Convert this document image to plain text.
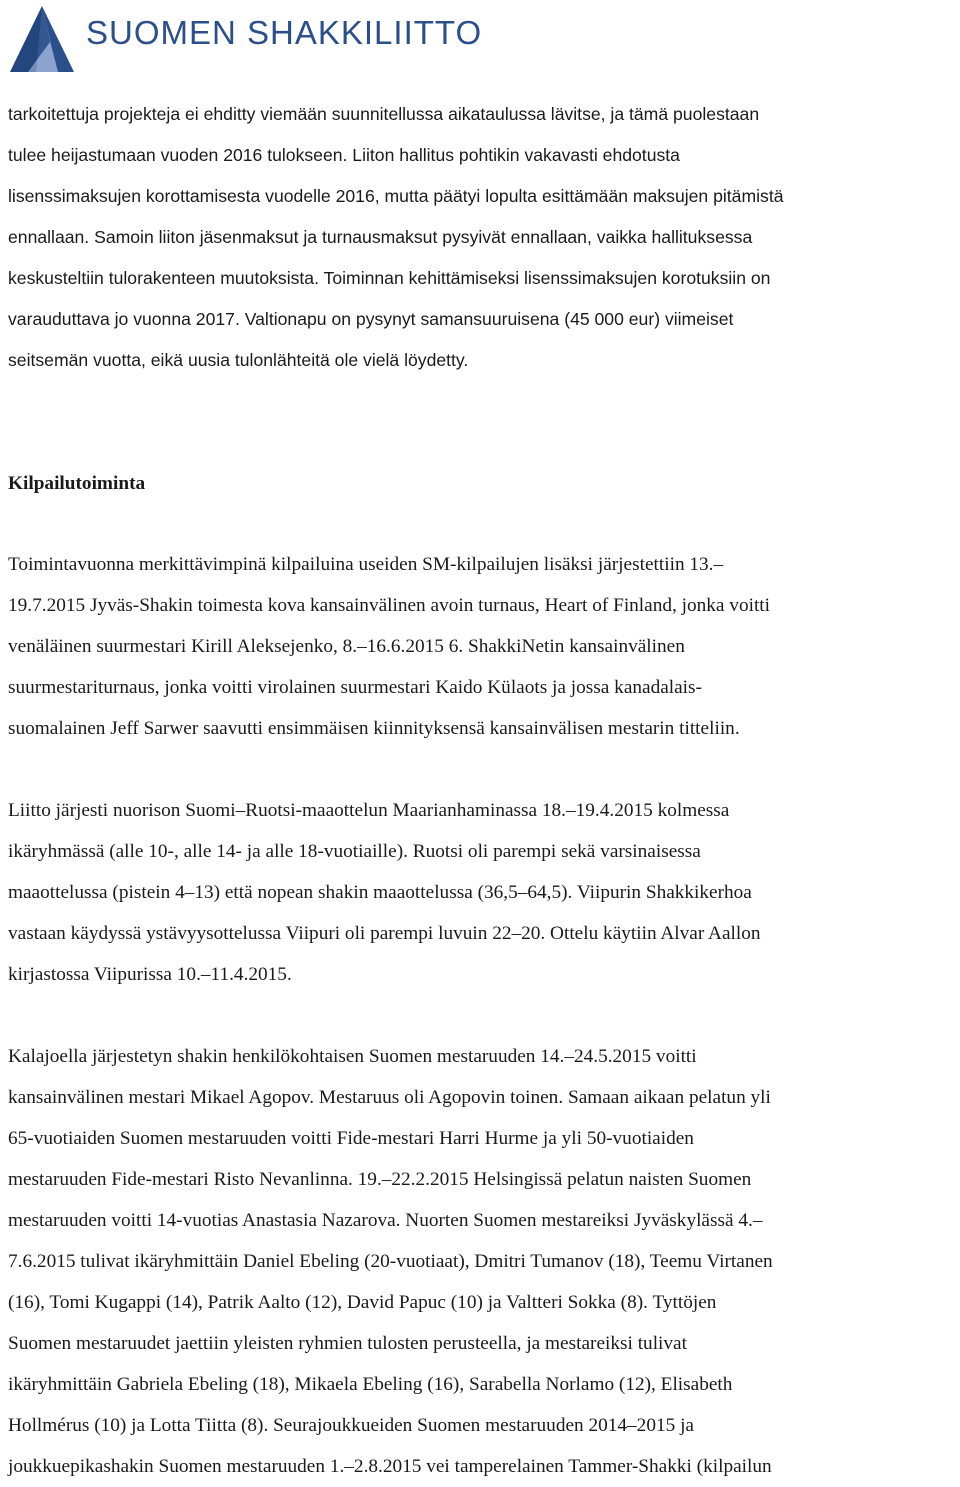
SUOMEN SHAKKILIITTO
tarkoitettuja projekteja ei ehditty viemään suunnitellussa aikataulussa lävitse, ja tämä puolestaan
tulee heijastumaan vuoden 2016 tulokseen. Liiton hallitus pohtikin vakavasti ehdotusta
lisenssimaksujen korottamisesta vuodelle 2016, mutta päätyi lopulta esittämään maksujen pitämistä
ennallaan. Samoin liiton jäsenmaksut ja turnausmaksut pysyivät ennallaan, vaikka hallituksessa
keskusteltiin tulorakenteen muutoksista. Toiminnan kehittämiseksi lisenssimaksujen korotuksiin on
varauduttava jo vuonna 2017. Valtionapu on pysynyt samansuuruisena (45 000 eur) viimeiset
seitsemän vuotta, eikä uusia tulonlähteitä ole vielä löydetty.
Kilpailutoiminta
Toimintavuonna merkittävimpinä kilpailuina useiden SM-kilpailujen lisäksi järjestettiin 13.–
19.7.2015 Jyväs-Shakin toimesta kova kansainvälinen avoin turnaus, Heart of Finland, jonka voitti
venäläinen suurmestari Kirill Aleksejenko, 8.–16.6.2015 6. ShakkiNetin kansainvälinen
suurmestariturnaus, jonka voitti virolainen suurmestari Kaido Külaots ja jossa kanadalais-
suomalainen Jeff Sarwer saavutti ensimmäisen kiinnityksensä kansainvälisen mestarin titteliin.
Liitto järjesti nuorison Suomi–Ruotsi-maaottelun Maarianhaminassa 18.–19.4.2015 kolmessa
ikäryhmässä (alle 10-, alle 14- ja alle 18-vuotiaille). Ruotsi oli parempi sekä varsinaisessa
maaottelussa (pistein 4–13) että nopean shakin maaottelussa (36,5–64,5). Viipurin Shakkikerhoa
vastaan käydyssä ystävyysottelussa Viipuri oli parempi luvuin 22–20. Ottelu käytiin Alvar Aallon
kirjastossa Viipurissa 10.–11.4.2015.
Kalajoella järjestetyn shakin henkilökohtaisen Suomen mestaruuden 14.–24.5.2015 voitti
kansainvälinen mestari Mikael Agopov. Mestaruus oli Agopovin toinen. Samaan aikaan pelatun yli
65-vuotiaiden Suomen mestaruuden voitti Fide-mestari Harri Hurme ja yli 50-vuotiaiden
mestaruuden Fide-mestari Risto Nevanlinna. 19.–22.2.2015 Helsingissä pelatun naisten Suomen
mestaruuden voitti 14-vuotias Anastasia Nazarova. Nuorten Suomen mestareiksi Jyväskylässä 4.–
7.6.2015 tulivat ikäryhmittäin Daniel Ebeling (20-vuotiaat), Dmitri Tumanov (18), Teemu Virtanen
(16), Tomi Kugappi (14), Patrik Aalto (12), David Papuc (10) ja Valtteri Sokka (8). Tyttöjen
Suomen mestaruudet jaettiin yleisten ryhmien tulosten perusteella, ja mestareiksi tulivat
ikäryhmittäin Gabriela Ebeling (18), Mikaela Ebeling (16), Sarabella Norlamo (12), Elisabeth
Hollmérus (10) ja Lotta Tiitta (8). Seurajoukkueiden Suomen mestaruuden 2014–2015 ja
joukkuepikashakin Suomen mestaruuden 1.–2.8.2015 vei tamperelainen Tammer-Shakki (kilpailun
